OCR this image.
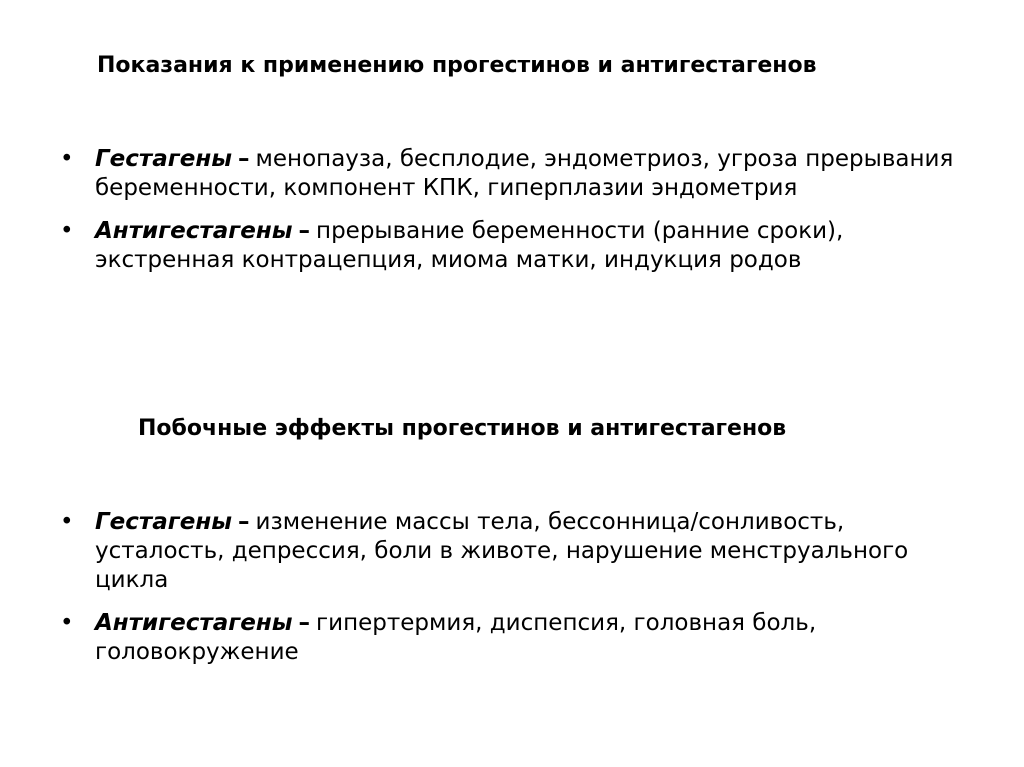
Показания к применению прогестинов и антигестагенов
• Гестагены – менопауза, бесплодие, эндометриоз, угроза прерывания беременности, компонент КПК, гиперплазии эндометрия
• Антигестагены – прерывание беременности (ранние сроки), экстренная контрацепция, миома матки, индукция родов
Побочные эффекты прогестинов и антигестагенов
• Гестагены – изменение массы тела, бессонница/сонливость, усталость, депрессия, боли в животе, нарушение менструального цикла
• Антигестагены – гипертермия, диспепсия, головная боль, головокружение
